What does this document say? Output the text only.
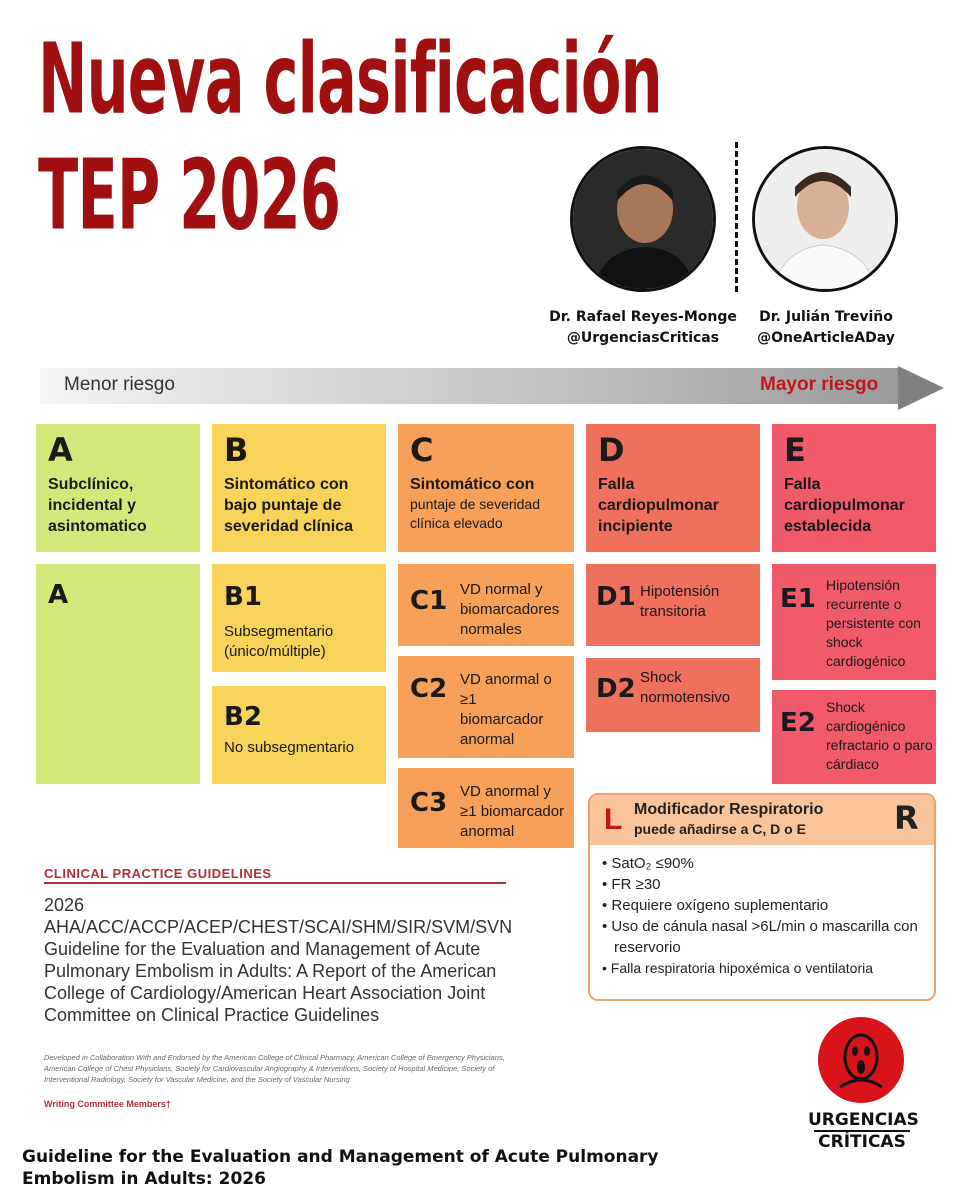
Nueva clasificación
TEP 2026
Dr. Rafael Reyes-Monge
@UrgenciasCriticas
Dr. Julián Treviño
@OneArticleADay
Menor riesgo	Mayor riesgo
A
Subclínico, incidental y asintomatico
B
Sintomático con bajo puntaje de severidad clínica
C
Sintomático con
puntaje de severidad clínica elevado
D
Falla cardiopulmonar incipiente
E
Falla cardiopulmonar establecida
A	B1
Subsegmentario (único/múltiple)
B2
No subsegmentario
C1 VD normal y biomarcadores normales
C2 VD anormal o ≥1 biomarcador anormal
C3 VD anormal y ≥1 biomarcador anormal
D1 Hipotensión transitoria
D2 Shock normotensivo
E1 Hipotensión recurrente o persistente con shock cardiogénico
E2
Shock cardiogénico refractario o paro cárdiaco
L Modificador Respiratorio
puede añadirse a C, D o E	R
• SatO₂ ≤90%
• FR ≥30
• Requiere oxígeno suplementario
• Uso de cánula nasal >6L/min o mascarilla con reservorio
• Falla respiratoria hipoxémica o ventilatoria
CLINICAL PRACTICE GUIDELINES
2026 AHA/ACC/ACCP/ACEP/CHEST/SCAI/SHM/SIR/SVM/SVN Guideline for the Evaluation and Management of Acute Pulmonary Embolism in Adults: A Report of the American College of Cardiology/American Heart Association Joint Committee on Clinical Practice Guidelines
Developed in Collaboration With and Endorsed by the American College of Clinical Pharmacy, American College of Emergency Physicians, American College of Chest Physicians, Society for Cardiovascular Angiography & Interventions, Society of Hospital Medicine, Society of Interventional Radiology, Society for Vascular Medicine, and the Society of Vascular Nursing
Writing Committee Members†
URGENCIAS
CRÍTICAS
Guideline for the Evaluation and Management of Acute Pulmonary Embolism in Adults: 2026
